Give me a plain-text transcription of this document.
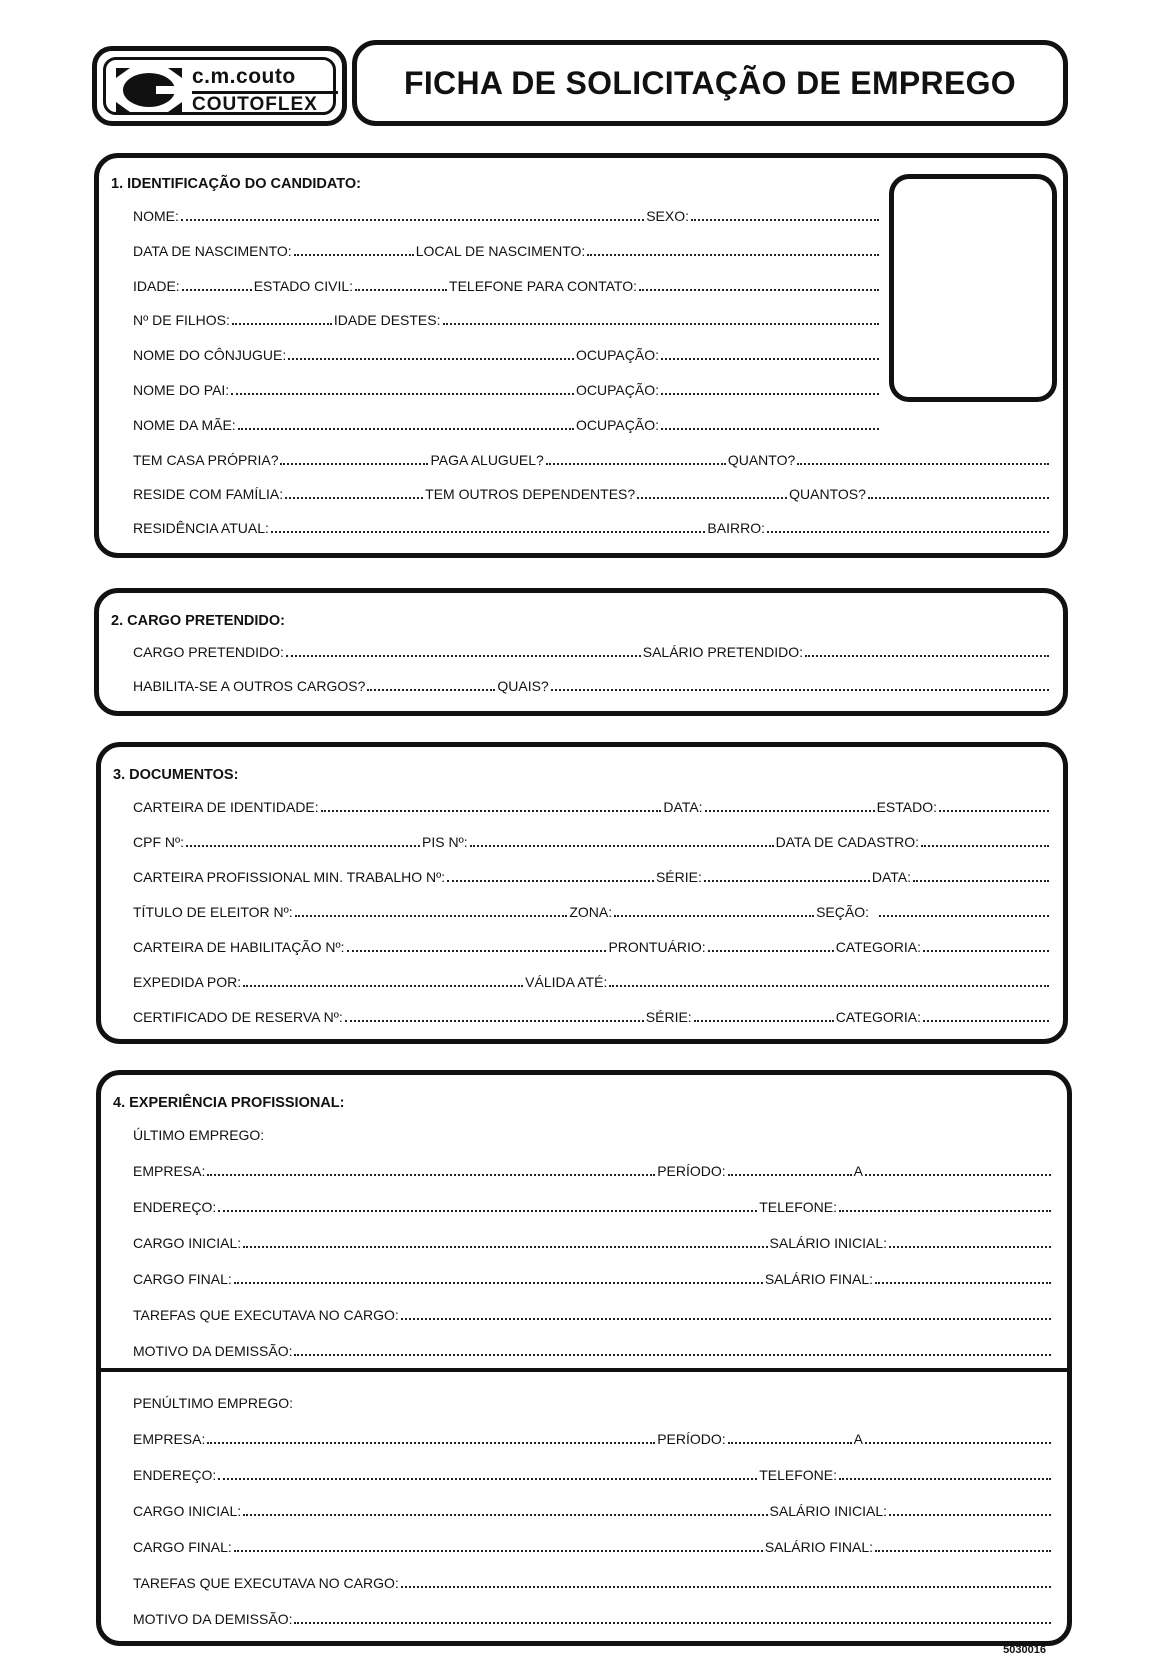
c.m.couto
COUTOFLEX
FICHA DE SOLICITAÇÃO DE EMPREGO
1. IDENTIFICAÇÃO DO CANDIDATO:
NOME:	SEXO:
DATA DE NASCIMENTO:	LOCAL DE NASCIMENTO:
IDADE:	ESTADO CIVIL:	TELEFONE PARA CONTATO:
Nº DE FILHOS:	IDADE DESTES:
NOME DO CÔNJUGUE:	OCUPAÇÃO:
NOME DO PAI:	OCUPAÇÃO:
NOME DA MÃE:	OCUPAÇÃO:
TEM CASA PRÓPRIA?	PAGA ALUGUEL?	QUANTO?
RESIDE COM FAMÍLIA:	TEM OUTROS DEPENDENTES?	QUANTOS?
RESIDÊNCIA ATUAL:	BAIRRO:
2. CARGO PRETENDIDO:
CARGO PRETENDIDO:	SALÁRIO PRETENDIDO:
HABILITA-SE A OUTROS CARGOS?	QUAIS?
3. DOCUMENTOS:
CARTEIRA DE IDENTIDADE:	DATA:	ESTADO:
CPF Nº:	PIS Nº:	DATA DE CADASTRO:
CARTEIRA PROFISSIONAL MIN. TRABALHO Nº:	SÉRIE:	DATA:
TÍTULO DE ELEITOR Nº:	ZONA:	SEÇÃO:
CARTEIRA DE HABILITAÇÃO Nº:	PRONTUÁRIO:	CATEGORIA:
EXPEDIDA POR:	VÁLIDA ATÉ:
CERTIFICADO DE RESERVA Nº:	SÉRIE:	CATEGORIA:
4. EXPERIÊNCIA PROFISSIONAL:
ÚLTIMO EMPREGO:
EMPRESA:	PERÍODO:	A
ENDEREÇO:	TELEFONE:
CARGO INICIAL:	SALÁRIO INICIAL:
CARGO FINAL:	SALÁRIO FINAL:
TAREFAS QUE EXECUTAVA NO CARGO:
MOTIVO DA DEMISSÃO:
PENÚLTIMO EMPREGO:
EMPRESA:	PERÍODO:	A
ENDEREÇO:	TELEFONE:
CARGO INICIAL:	SALÁRIO INICIAL:
CARGO FINAL:	SALÁRIO FINAL:
TAREFAS QUE EXECUTAVA NO CARGO:
MOTIVO DA DEMISSÃO:
5030016
